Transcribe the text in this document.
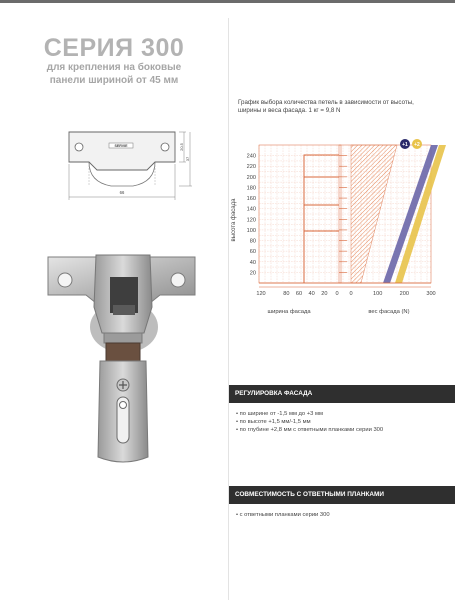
СЕРИЯ 300
для крепления на боковые
панели шириной от 45 мм
SERVIE	20.5
37
66
График выбора количества петель в зависимости от высоты, ширины и веса фасада. 1 кг = 9,8 N
высота фасада
20
40
60
80
100
120
140
160
180
200
220
240
120	80 60 40 20 0 0	100	200	300
+1 +2
ширина фасада	вес фасада (N)
РЕГУЛИРОВКА ФАСАДА
• по ширине от -1,5 мм до +3 мм
• по высоте +1,5 мм/-1,5 мм
• по глубине +2,8 мм с ответными планками серии 300
СОВМЕСТИМОСТЬ С ОТВЕТНЫМИ ПЛАНКАМИ
• с ответными планками серии 300
